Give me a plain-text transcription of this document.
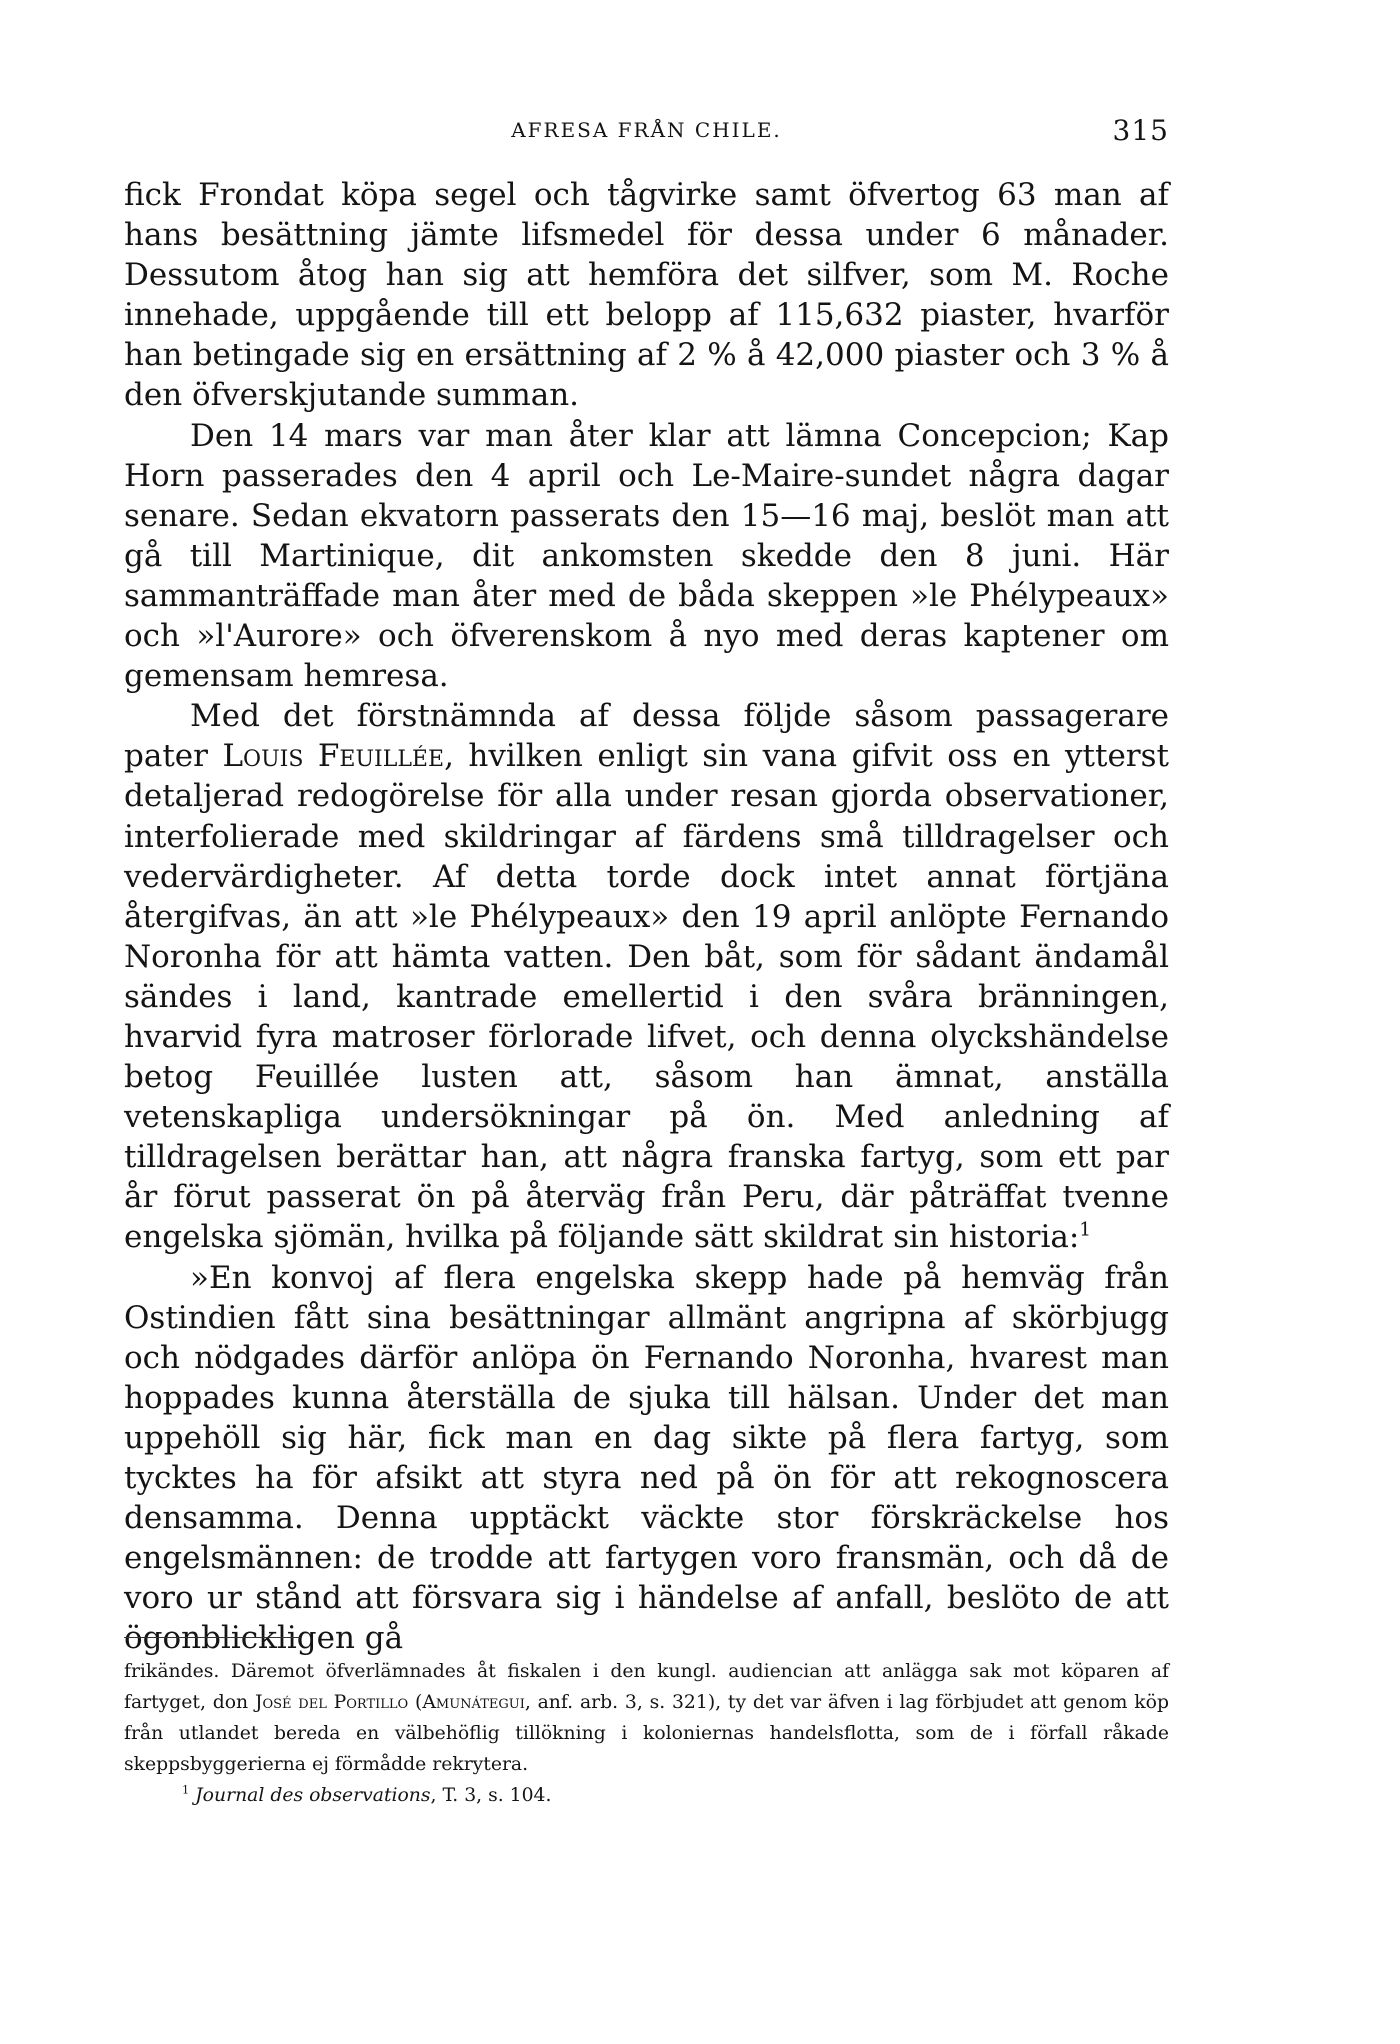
AFRESA FRÅN CHILE.	315

fick Frondat köpa segel och tågvirke samt öfvertog 63 man af hans besättning jämte lifsmedel för dessa under 6 månader. Dessutom åtog han sig att hemföra det silfver, som M. Roche innehade, uppgående till ett belopp af 115,632 piaster, hvarför han betingade sig en ersättning af 2 % å 42,000 piaster och 3 % å den öfverskjutande summan.

Den 14 mars var man åter klar att lämna Concepcion; Kap Horn passerades den 4 april och Le-Maire-sundet några dagar senare. Sedan ekvatorn passerats den 15—16 maj, beslöt man att gå till Martinique, dit ankomsten skedde den 8 juni. Här sammanträffade man åter med de båda skeppen »le Phélypeaux» och »l'Aurore» och öfverenskom å nyo med deras kaptener om gemensam hemresa.

Med det förstnämnda af dessa följde såsom passagerare pater Louis Feuillée, hvilken enligt sin vana gifvit oss en ytterst detaljerad redogörelse för alla under resan gjorda observationer, interfolierade med skildringar af färdens små tilldragelser och vedervärdigheter. Af detta torde dock intet annat förtjäna återgifvas, än att »le Phélypeaux» den 19 april anlöpte Fernando Noronha för att hämta vatten. Den båt, som för sådant ändamål sändes i land, kantrade emellertid i den svåra bränningen, hvarvid fyra matroser förlorade lifvet, och denna olyckshändelse betog Feuillée lusten att, såsom han ämnat, anställa vetenskapliga undersökningar på ön. Med anledning af tilldragelsen berättar han, att några franska fartyg, som ett par år förut passerat ön på återväg från Peru, där påträffat tvenne engelska sjömän, hvilka på följande sätt skildrat sin historia:$^1$

»En konvoj af flera engelska skepp hade på hemväg från Ostindien fått sina besättningar allmänt angripna af skörbjugg och nödgades därför anlöpa ön Fernando Noronha, hvarest man hoppades kunna återställa de sjuka till hälsan. Under det man uppehöll sig här, fick man en dag sikte på flera fartyg, som tycktes ha för afsikt att styra ned på ön för att rekognoscera densamma. Denna upptäckt väckte stor förskräckelse hos engelsmännen: de trodde att fartygen voro fransmän, och då de voro ur stånd att försvara sig i händelse af anfall, beslöto de att ögonblickligen gå

frikändes. Däremot öfverlämnades åt fiskalen i den kungl. audiencian att anlägga sak mot köparen af fartyget, don José del Portillo (Amunátegui, anf. arb. 3, s. 321), ty det var äfven i lag förbjudet att genom köp från utlandet bereda en välbehöflig tillökning i koloniernas handelsflotta, som de i förfall råkade skeppsbyggerierna ej förmådde rekrytera.

$^1$ Journal des observations, T. 3, s. 104.
